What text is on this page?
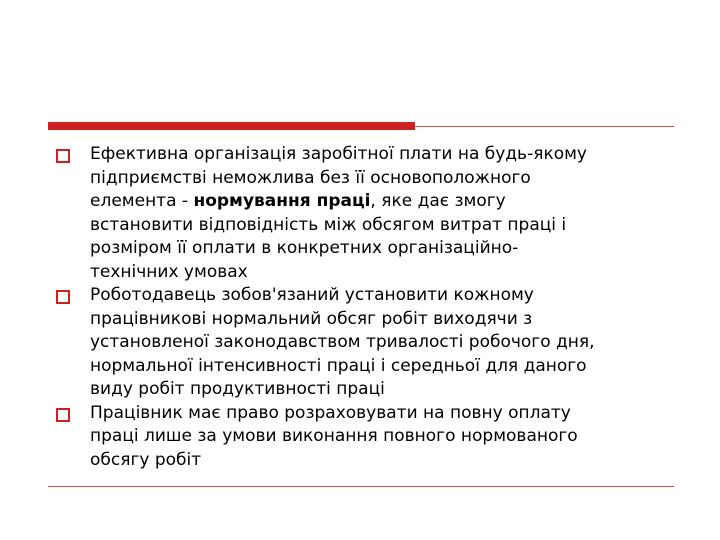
Ефективна організація заробітної плати на будь-якому
підприємстві неможлива без її основоположного
елемента - нормування праці, яке дає змогу
встановити відповідність між обсягом витрат праці і
розміром її оплати в конкретних організаційно-
технічних умовах
Роботодавець зобов'язаний установити кожному
працівникові нормальний обсяг робіт виходячи з
установленої законодавством тривалості робочого дня,
нормальної інтенсивності праці і середньої для даного
виду робіт продуктивності праці
Працівник має право розраховувати на повну оплату
праці лише за умови виконання повного нормованого
обсягу робіт
